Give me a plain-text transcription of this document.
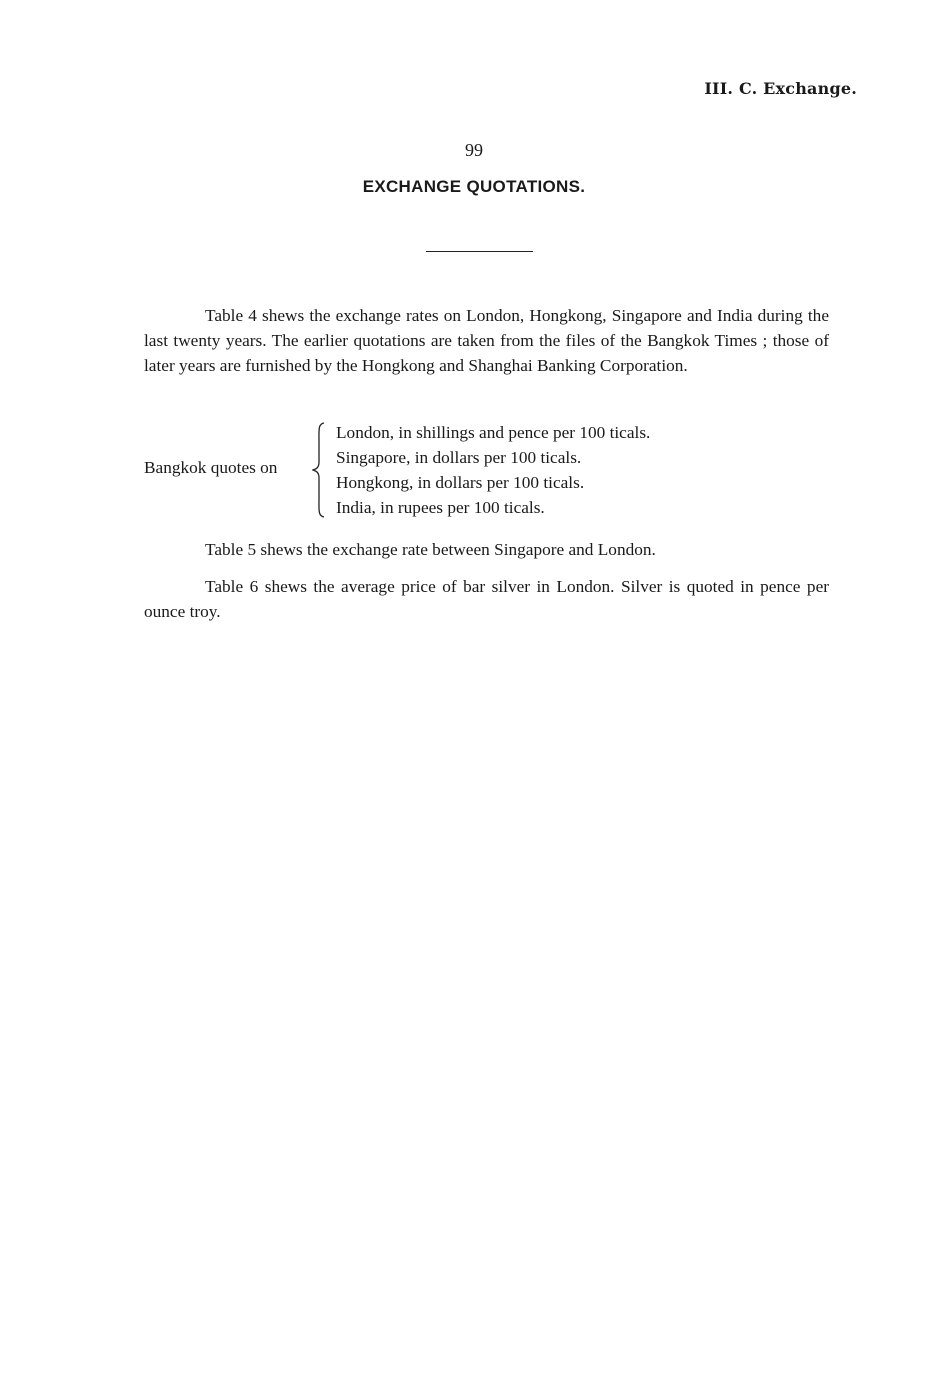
III. C. Exchange.
99
EXCHANGE QUOTATIONS.

Table 4 shews the exchange rates on London, Hongkong, Singapore and India during the last twenty years. The earlier quotations are taken from the files of the Bangkok Times ; those of later years are furnished by the Hongkong and Shanghai Banking Corporation.

Bangkok quotes on
London, in shillings and pence per 100 ticals.
Singapore, in dollars per 100 ticals.
Hongkong, in dollars per 100 ticals.
India, in rupees per 100 ticals.

Table 5 shews the exchange rate between Singapore and London.

Table 6 shews the average price of bar silver in London. Silver is quoted in pence per ounce troy.
